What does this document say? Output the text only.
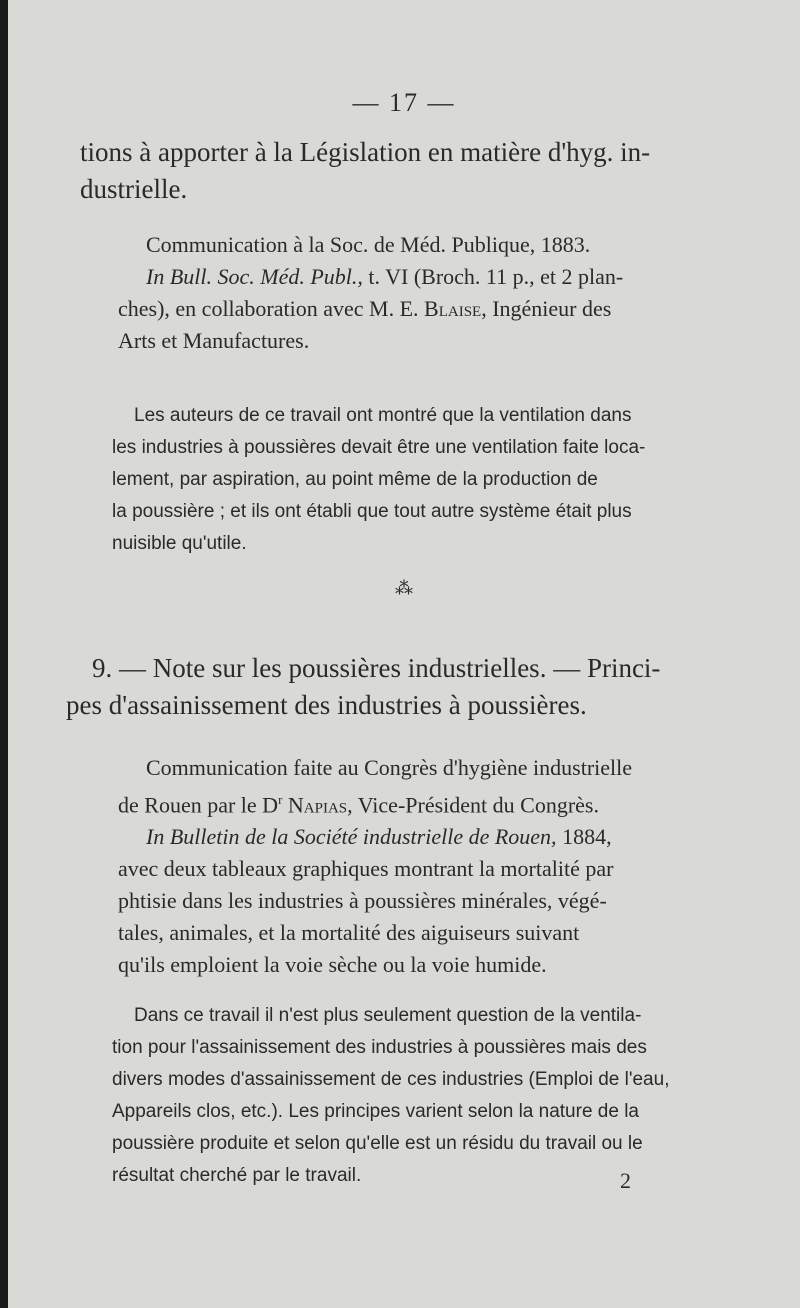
— 17 —
tions à apporter à la Législation en matière d'hyg. in-
dustrielle.
Communication à la Soc. de Méd. Publique, 1883.
In Bull. Soc. Méd. Publ., t. VI (Broch. 11 p., et 2 plan-
ches), en collaboration avec M. E. Blaise, Ingénieur des
Arts et Manufactures.
Les auteurs de ce travail ont montré que la ventilation dans
les industries à poussières devait être une ventilation faite loca-
lement, par aspiration, au point même de la production de
la poussière ; et ils ont établi que tout autre système était plus
nuisible qu'utile.
⁂
9. — Note sur les poussières industrielles. — Princi-
pes d'assainissement des industries à poussières.
Communication faite au Congrès d'hygiène industrielle
de Rouen par le $D^r$ Napias, Vice-Président du Congrès.
In Bulletin de la Société industrielle de Rouen, 1884,
avec deux tableaux graphiques montrant la mortalité par
phtisie dans les industries à poussières minérales, végé-
tales, animales, et la mortalité des aiguiseurs suivant
qu'ils emploient la voie sèche ou la voie humide.
Dans ce travail il n'est plus seulement question de la ventila-
tion pour l'assainissement des industries à poussières mais des
divers modes d'assainissement de ces industries (Emploi de l'eau,
Appareils clos, etc.). Les principes varient selon la nature de la
poussière produite et selon qu'elle est un résidu du travail ou le
résultat cherché par le travail.	2
